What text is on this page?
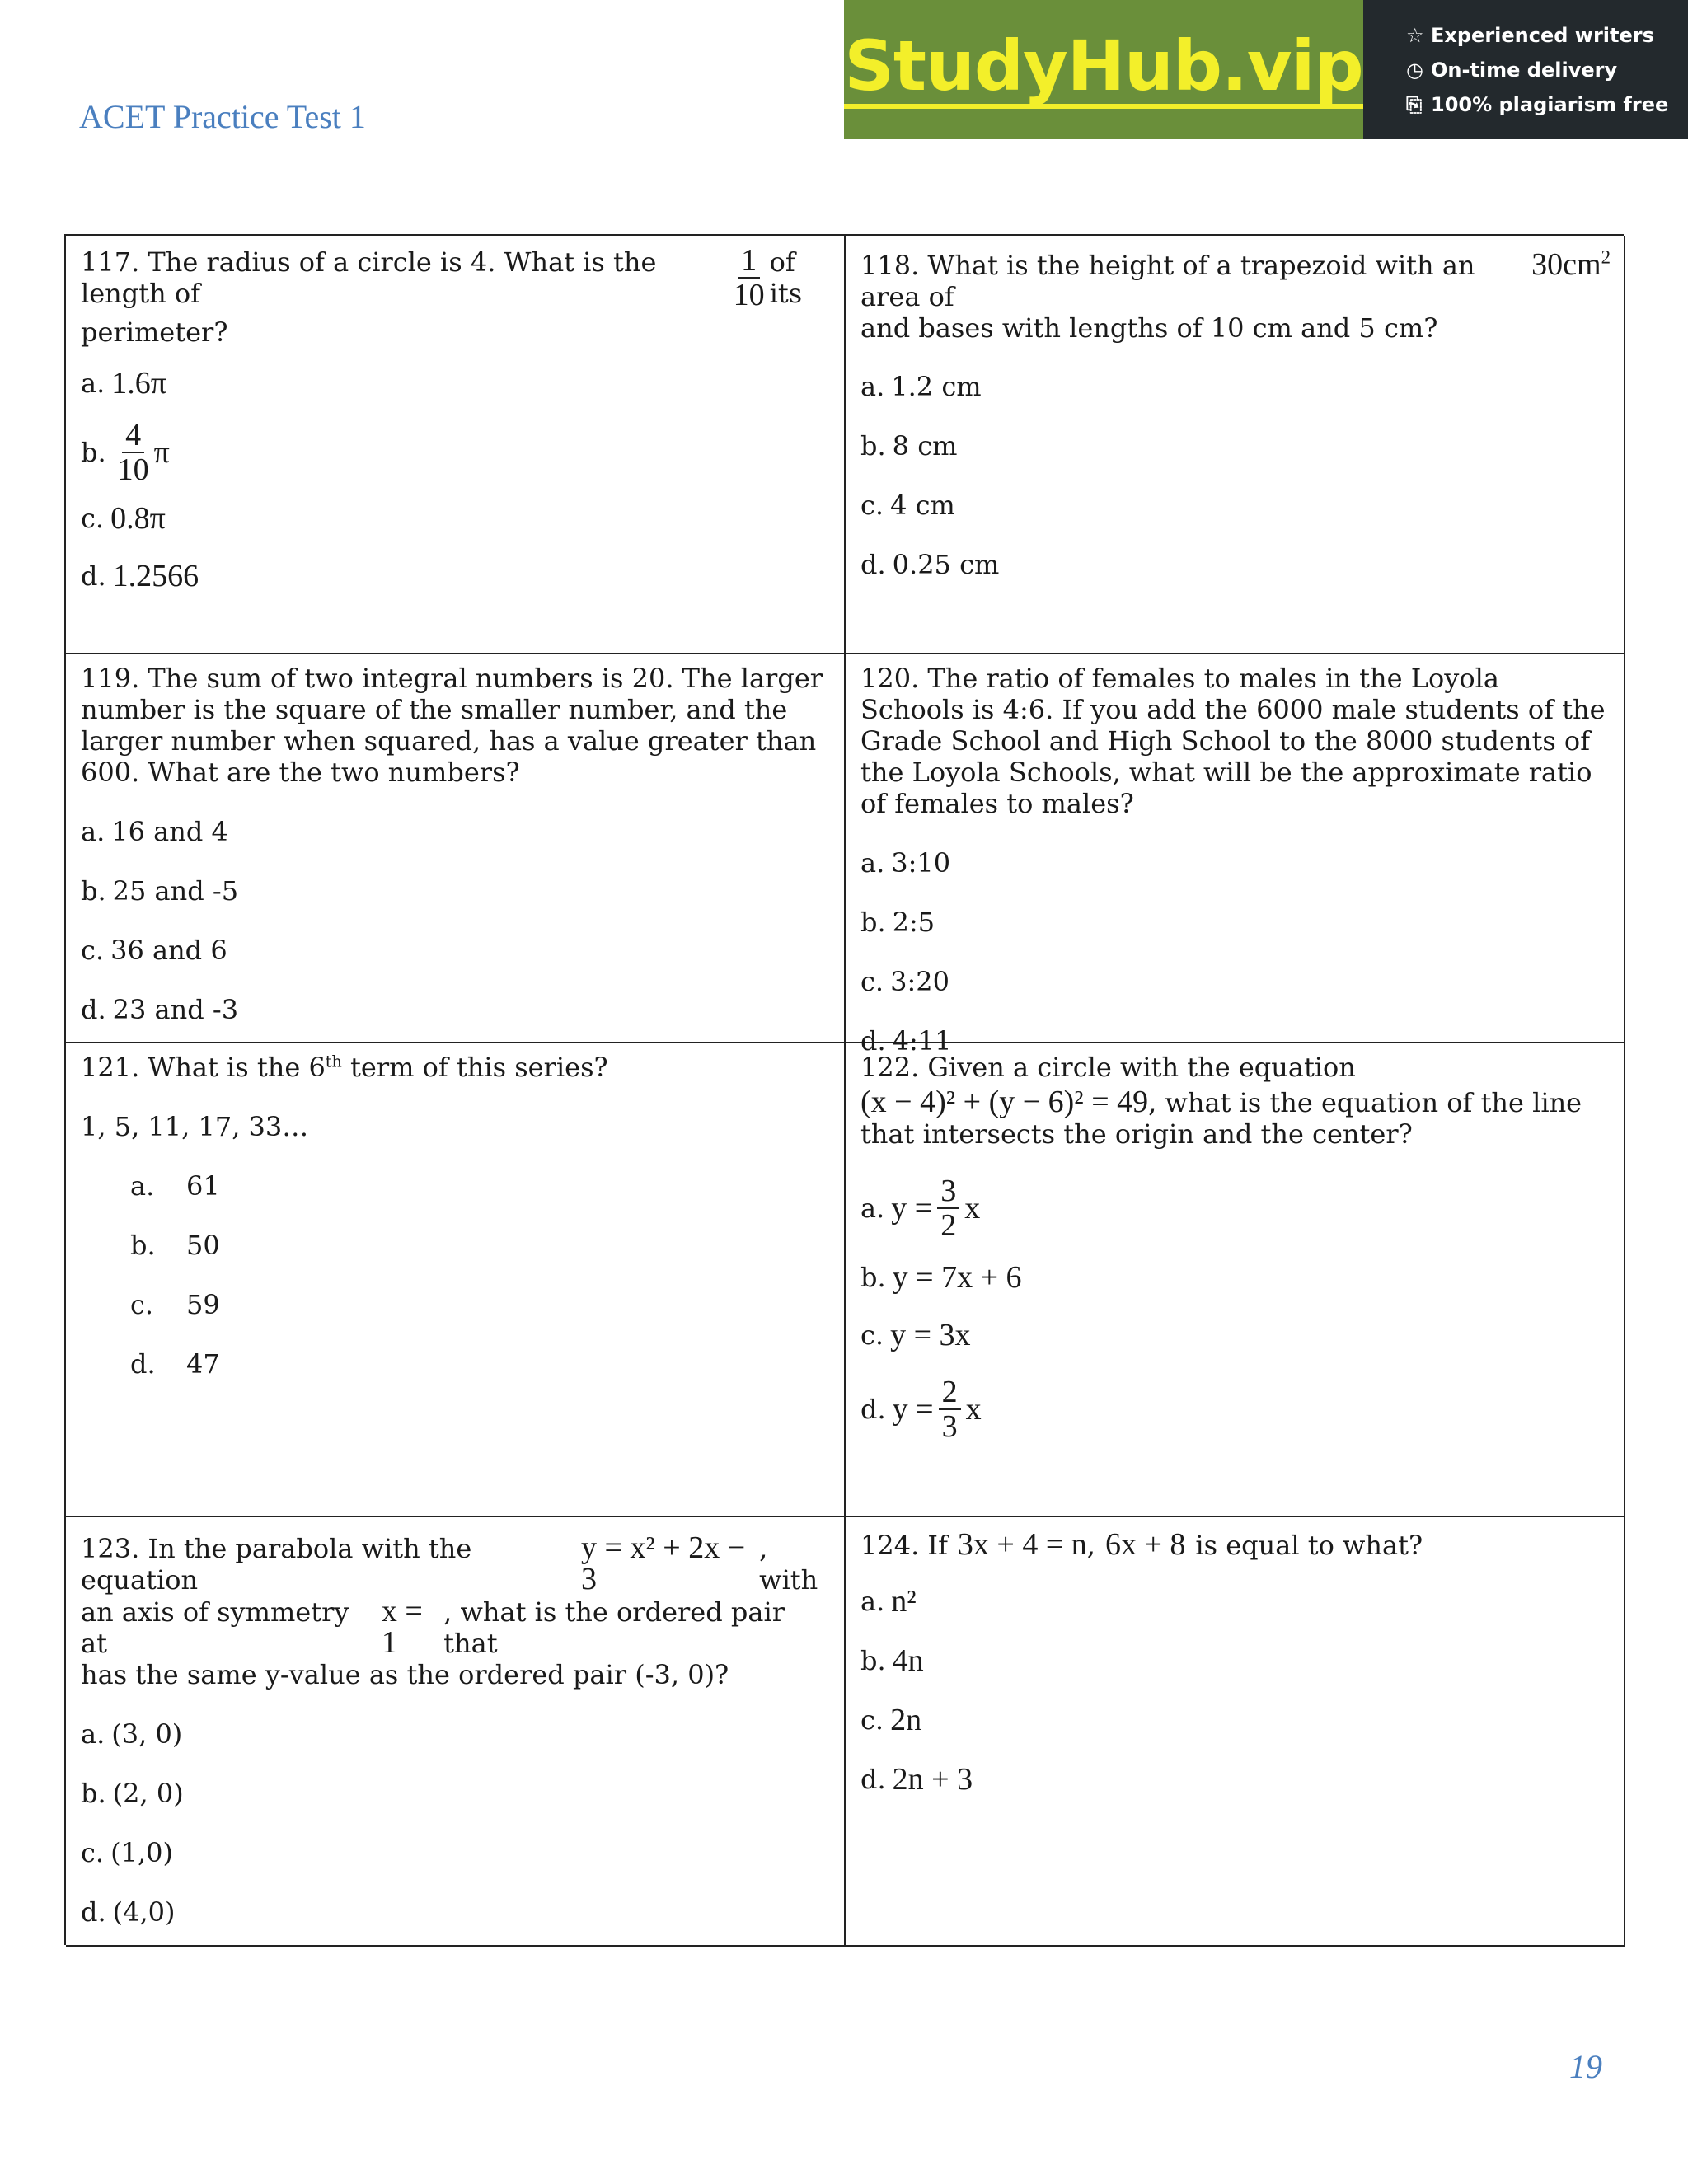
ACET Practice Test 1
StudyHub.vip ☆ Experienced writers
◷ On-time delivery
⎘ 100% plagiarism free
117. The radius of a circle is 4. What is the length of	$\frac{1}{10}$ of its
perimeter?
a. 1.6π
b. $\frac{4}{10}$ π
c. 0.8π
d. 1.2566
118. What is the height of a trapezoid with an area of
$30cm^2$
and bases with lengths of 10 cm and 5 cm?
a. 1.2 cm
b. 8 cm
c. 4 cm
d. 0.25 cm
119. The sum of two integral numbers is 20. The larger number is the square of the smaller number, and the larger number when squared, has a value greater than 600. What are the two numbers?
a. 16 and 4
b. 25 and -5
c. 36 and 6
d. 23 and -3
120. The ratio of females to males in the Loyola Schools is 4:6. If you add the 6000 male students of the Grade School and High School to the 8000 students of the Loyola Schools, what will be the approximate ratio of females to males?
a. 3:10
b. 2:5
c. 3:20
d. 4:11
121. What is the 6th term of this series?
1, 5, 11, 17, 33…
a.	61
b.	50
c.	59
d.	47
122. Given a circle with the equation
(x − 4)² + (y − 6)² = 49 , what is the equation of the line
that intersects the origin and the center?
a. $y = \frac{3}{2}$ x
b. y = 7x + 6
c. y = 3x
d. $y = \frac{2}{3}$ x
123. In the parabola with the equation
y = x² + 2x − 3
, with
an axis of symmetry at
x = 1
, what is the ordered pair that
has the same y-value as the ordered pair (-3, 0)?
a. (3, 0)
b. (2, 0)
c. (1,0)
d. (4,0)
124. If 3x + 4 = n , 6x + 8 is equal to what?
a. n²
b. 4n
c. 2n
d. 2n + 3
19
